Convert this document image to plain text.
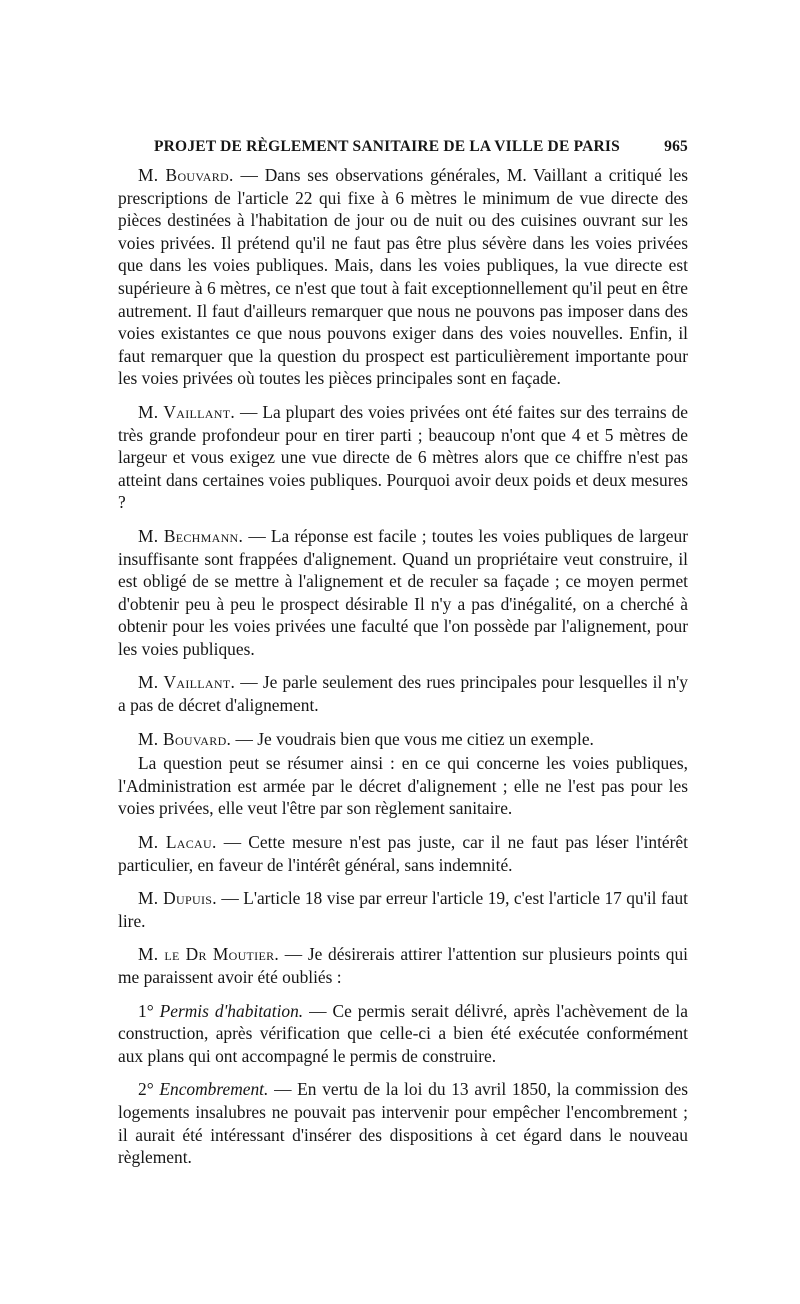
PROJET DE RÈGLEMENT SANITAIRE DE LA VILLE DE PARIS	965

M. Bouvard. — Dans ses observations générales, M. Vaillant a critiqué les prescriptions de l'article 22 qui fixe à 6 mètres le minimum de vue directe des pièces destinées à l'habitation de jour ou de nuit ou des cuisines ouvrant sur les voies privées. Il prétend qu'il ne faut pas être plus sévère dans les voies privées que dans les voies publiques. Mais, dans les voies publiques, la vue directe est supérieure à 6 mètres, ce n'est que tout à fait exceptionnellement qu'il peut en être autrement. Il faut d'ailleurs remarquer que nous ne pouvons pas imposer dans des voies existantes ce que nous pouvons exiger dans des voies nouvelles. Enfin, il faut remarquer que la question du prospect est particulièrement importante pour les voies privées où toutes les pièces principales sont en façade.

M. Vaillant. — La plupart des voies privées ont été faites sur des terrains de très grande profondeur pour en tirer parti ; beaucoup n'ont que 4 et 5 mètres de largeur et vous exigez une vue directe de 6 mètres alors que ce chiffre n'est pas atteint dans certaines voies publiques. Pourquoi avoir deux poids et deux mesures ?

M. Bechmann. — La réponse est facile ; toutes les voies publiques de largeur insuffisante sont frappées d'alignement. Quand un propriétaire veut construire, il est obligé de se mettre à l'alignement et de reculer sa façade ; ce moyen permet d'obtenir peu à peu le prospect désirable Il n'y a pas d'inégalité, on a cherché à obtenir pour les voies privées une faculté que l'on possède par l'alignement, pour les voies publiques.

M. Vaillant. — Je parle seulement des rues principales pour lesquelles il n'y a pas de décret d'alignement.

M. Bouvard. — Je voudrais bien que vous me citiez un exemple.

La question peut se résumer ainsi : en ce qui concerne les voies publiques, l'Administration est armée par le décret d'alignement ; elle ne l'est pas pour les voies privées, elle veut l'être par son règlement sanitaire.

M. Lacau. — Cette mesure n'est pas juste, car il ne faut pas léser l'intérêt particulier, en faveur de l'intérêt général, sans indemnité.

M. Dupuis. — L'article 18 vise par erreur l'article 19, c'est l'article 17 qu'il faut lire.

M. le Dr Moutier. — Je désirerais attirer l'attention sur plusieurs points qui me paraissent avoir été oubliés :

1° Permis d'habitation. — Ce permis serait délivré, après l'achèvement de la construction, après vérification que celle-ci a bien été exécutée conformément aux plans qui ont accompagné le permis de construire.

2° Encombrement. — En vertu de la loi du 13 avril 1850, la commission des logements insalubres ne pouvait pas intervenir pour empêcher l'encombrement ; il aurait été intéressant d'insérer des dispositions à cet égard dans le nouveau règlement.
